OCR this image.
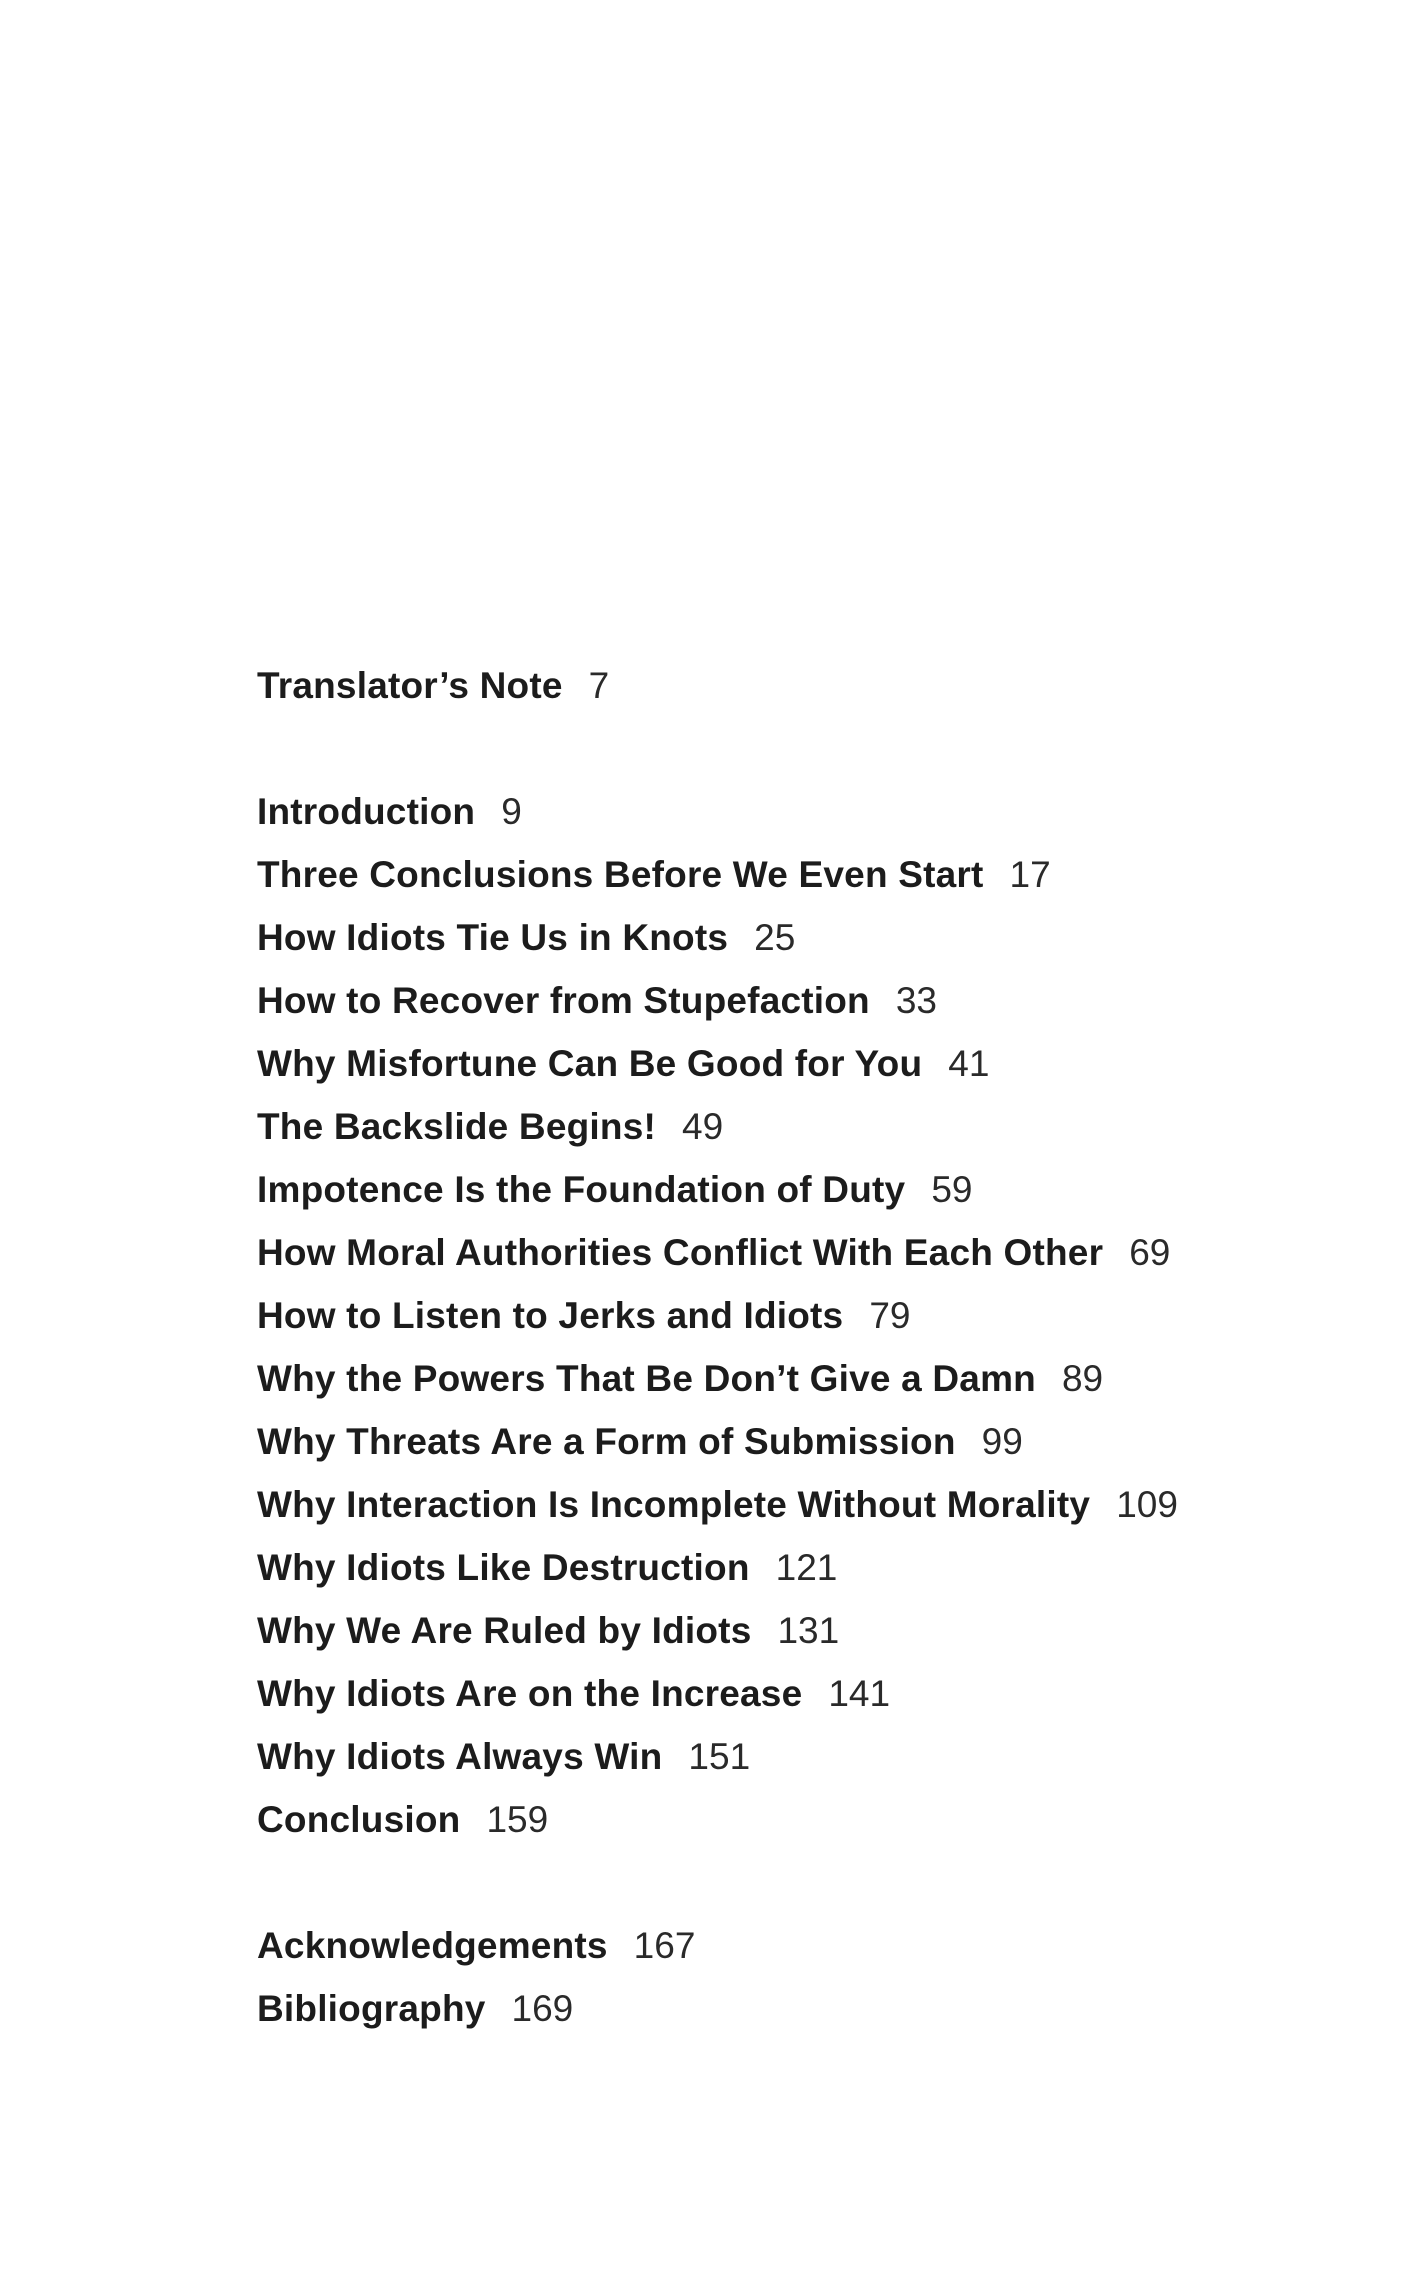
Translator’s Note 7
Introduction 9
Three Conclusions Before We Even Start 17
How Idiots Tie Us in Knots 25
How to Recover from Stupefaction 33
Why Misfortune Can Be Good for You 41
The Backslide Begins! 49
Impotence Is the Foundation of Duty 59
How Moral Authorities Conflict With Each Other 69
How to Listen to Jerks and Idiots 79
Why the Powers That Be Don’t Give a Damn 89
Why Threats Are a Form of Submission 99
Why Interaction Is Incomplete Without Morality 109
Why Idiots Like Destruction 121
Why We Are Ruled by Idiots 131
Why Idiots Are on the Increase 141
Why Idiots Always Win 151
Conclusion 159
Acknowledgements 167
Bibliography 169
